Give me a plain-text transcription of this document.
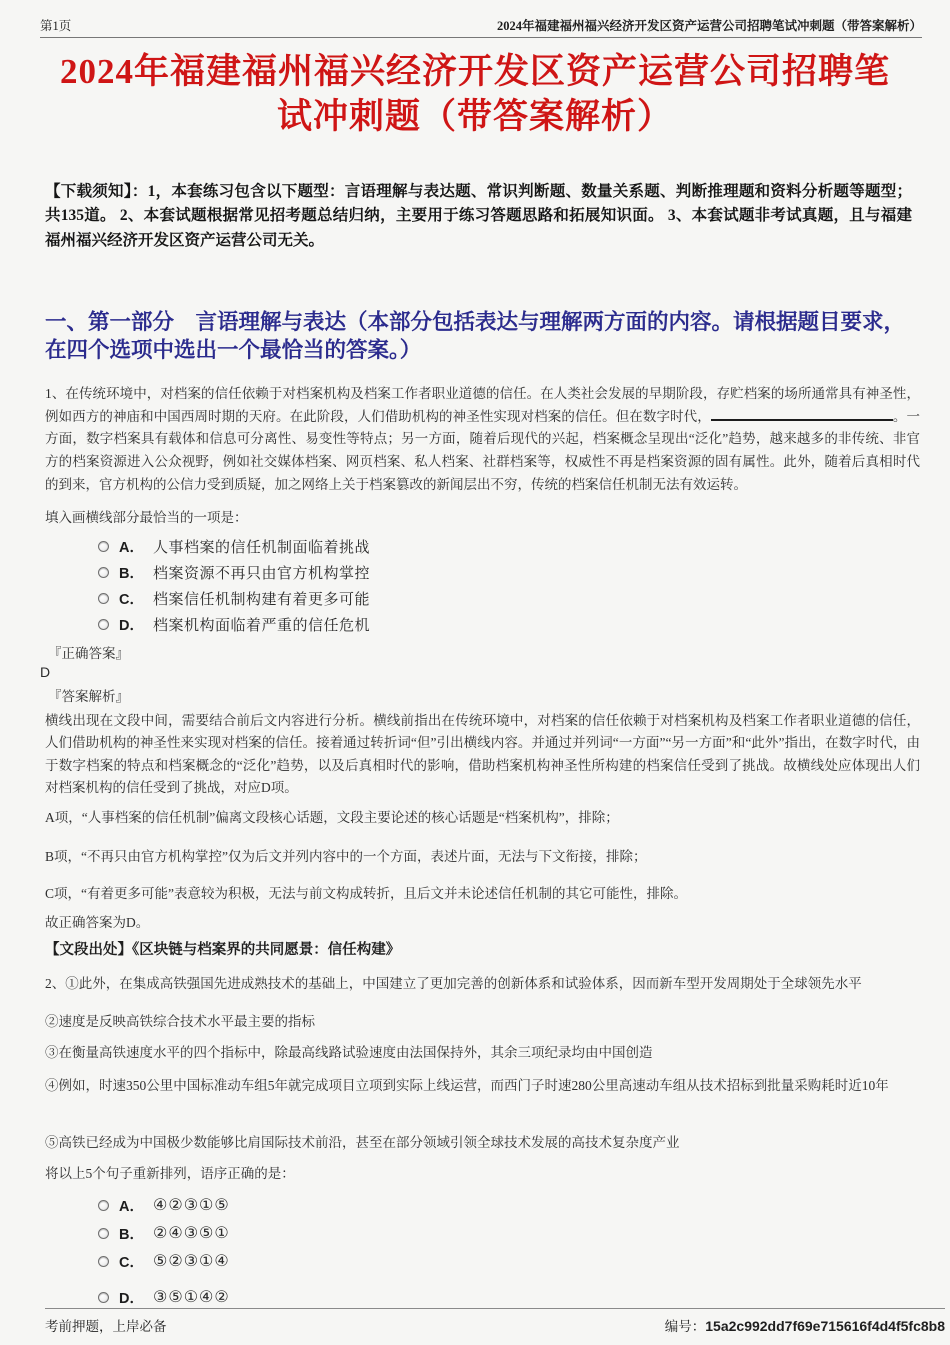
第1页	2024年福建福州福兴经济开发区资产运营公司招聘笔试冲刺题（带答案解析）
2024年福建福州福兴经济开发区资产运营公司招聘笔试冲刺题（带答案解析）
【下载须知】：1，本套练习包含以下题型：言语理解与表达题、常识判断题、数量关系题、判断推理题和资料分析题等题型；共135道。 2、本套试题根据常见招考题总结归纳，主要用于练习答题思路和拓展知识面。 3、本套试题非考试真题，且与福建福州福兴经济开发区资产运营公司无关。
一、第一部分　言语理解与表达（本部分包括表达与理解两方面的内容。请根据题目要求，在四个选项中选出一个最恰当的答案。）
1、在传统环境中，对档案的信任依赖于对档案机构及档案工作者职业道德的信任。在人类社会发展的早期阶段，存贮档案的场所通常具有神圣性，例如西方的神庙和中国西周时期的天府。在此阶段，人们借助机构的神圣性实现对档案的信任。但在数字时代，	。一方面，数字档案具有载体和信息可分离性、易变性等特点；另一方面，随着后现代的兴起，档案概念呈现出“泛化”趋势，越来越多的非传统、非官方的档案资源进入公众视野，例如社交媒体档案、网页档案、私人档案、社群档案等，权威性不再是档案资源的固有属性。此外，随着后真相时代的到来，官方机构的公信力受到质疑，加之网络上关于档案篡改的新闻层出不穷，传统的档案信任机制无法有效运转。
填入画横线部分最恰当的一项是：
A． 人事档案的信任机制面临着挑战
B． 档案资源不再只由官方机构掌控
C． 档案信任机制构建有着更多可能
D． 档案机构面临着严重的信任危机
『正确答案』
D
『答案解析』
横线出现在文段中间，需要结合前后文内容进行分析。横线前指出在传统环境中，对档案的信任依赖于对档案机构及档案工作者职业道德的信任，人们借助机构的神圣性来实现对档案的信任。接着通过转折词“但”引出横线内容。并通过并列词“一方面”“另一方面”和“此外”指出，在数字时代，由于数字档案的特点和档案概念的“泛化”趋势，以及后真相时代的影响，借助档案机构神圣性所构建的档案信任受到了挑战。故横线处应体现出人们对档案机构的信任受到了挑战，对应D项。
A项，“人事档案的信任机制”偏离文段核心话题，文段主要论述的核心话题是“档案机构”，排除；
B项，“不再只由官方机构掌控”仅为后文并列内容中的一个方面，表述片面，无法与下文衔接，排除；
C项，“有着更多可能”表意较为积极，无法与前文构成转折，且后文并未论述信任机制的其它可能性，排除。
故正确答案为D。
【文段出处】《区块链与档案界的共同愿景：信任构建》
2、①此外，在集成高铁强国先进成熟技术的基础上，中国建立了更加完善的创新体系和试验体系，因而新车型开发周期处于全球领先水平
②速度是反映高铁综合技术水平最主要的指标
③在衡量高铁速度水平的四个指标中，除最高线路试验速度由法国保持外，其余三项纪录均由中国创造
④例如，时速350公里中国标准动车组5年就完成项目立项到实际上线运营，而西门子时速280公里高速动车组从技术招标到批量采购耗时近10年
⑤高铁已经成为中国极少数能够比肩国际技术前沿，甚至在部分领域引领全球技术发展的高技术复杂度产业
将以上5个句子重新排列，语序正确的是：
A． ④②③①⑤
B． ②④③⑤①
C． ⑤②③①④
D． ③⑤①④②
考前押题，上岸必备	编号：15a2c992dd7f69e715616f4d4f5fc8b8
